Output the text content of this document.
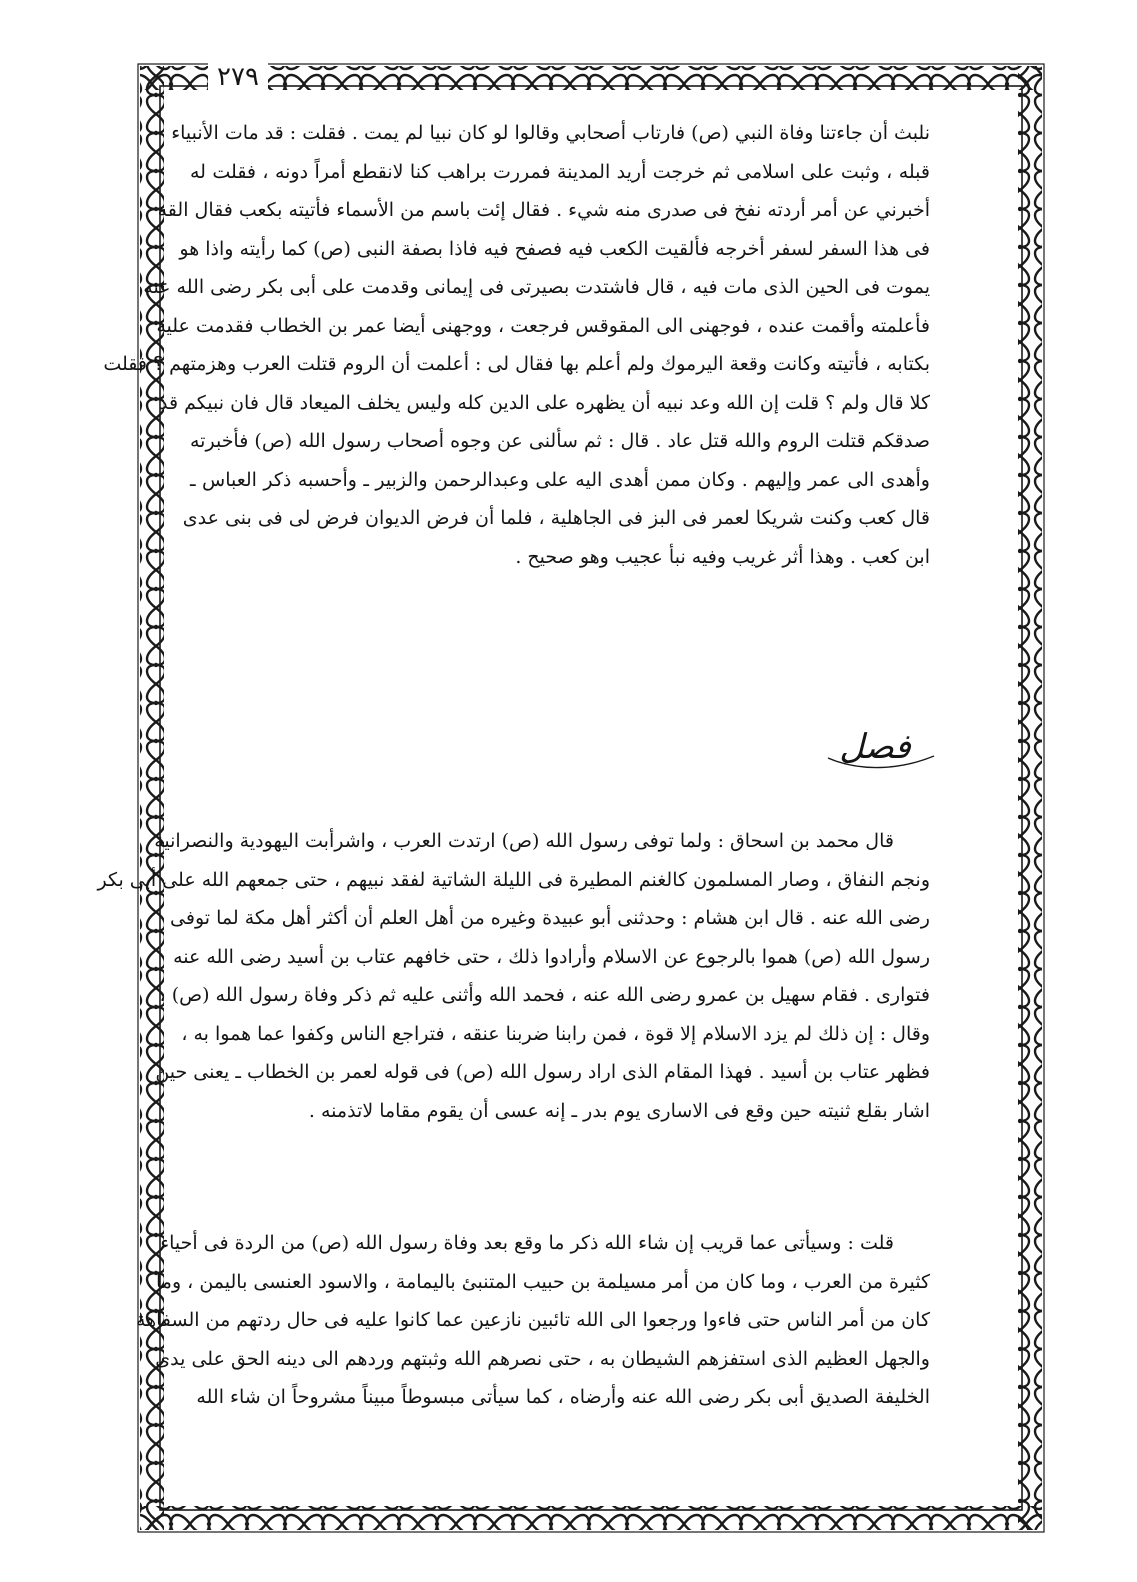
٢٧٩
نلبث أن جاءتنا وفاة النبي (ص) فارتاب أصحابي وقالوا لو كان نبيا لم يمت . فقلت : قد مات الأنبياء
قبله ، وثبت على اسلامى ثم خرجت أريد المدينة فمررت براهب كنا لانقطع أمراً دونه ، فقلت له
أخبرني عن أمر أردته نفخ فى صدرى منه شيء . فقال إئت باسم من الأسماء فأتيته بكعب فقال القه
فى هذا السفر لسفر أخرجه فألقيت الكعب فيه فصفح فيه فاذا بصفة النبى (ص) كما رأيته واذا هو
يموت فى الحين الذى مات فيه ، قال فاشتدت بصيرتى فى إيمانى وقدمت على أبى بكر رضى الله عنه
فأعلمته وأقمت عنده ، فوجهنى الى المقوقس فرجعت ، ووجهنى أيضا عمر بن الخطاب فقدمت عليه
بكتابه ، فأتيته وكانت وقعة اليرموك ولم أعلم بها فقال لى : أعلمت أن الروم قتلت العرب وهزمتهم ؟ فقلت
كلا قال ولم ؟ قلت إن الله وعد نبيه أن يظهره على الدين كله وليس يخلف الميعاد قال فان نبيكم قد
صدقكم قتلت الروم والله قتل عاد . قال : ثم سألنى عن وجوه أصحاب رسول الله (ص) فأخبرته
وأهدى الى عمر وإليهم . وكان ممن أهدى اليه على وعبدالرحمن والزبير ـ وأحسبه ذكر العباس ـ
قال كعب وكنت شريكا لعمر فى البز فى الجاهلية ، فلما أن فرض الديوان فرض لى فى بنى عدى
ابن كعب . وهذا أثر غريب وفيه نبأ عجيب وهو صحيح .
فصل
قال محمد بن اسحاق : ولما توفى رسول الله (ص) ارتدت العرب ، واشرأبت اليهودية والنصرانية
ونجم النفاق ، وصار المسلمون كالغنم المطيرة فى الليلة الشاتية لفقد نبيهم ، حتى جمعهم الله على أبى بكر
رضى الله عنه . قال ابن هشام : وحدثنى أبو عبيدة وغيره من أهل العلم أن أكثر أهل مكة لما توفى
رسول الله (ص) هموا بالرجوع عن الاسلام وأرادوا ذلك ، حتى خافهم عتاب بن أسيد رضى الله عنه
فتوارى . فقام سهيل بن عمرو رضى الله عنه ، فحمد الله وأثنى عليه ثم ذكر وفاة رسول الله (ص) ،
وقال : إن ذلك لم يزد الاسلام إلا قوة ، فمن رابنا ضربنا عنقه ، فتراجع الناس وكفوا عما هموا به ،
فظهر عتاب بن أسيد . فهذا المقام الذى اراد رسول الله (ص) فى قوله لعمر بن الخطاب ـ يعنى حين
اشار بقلع ثنيته حين وقع فى الاسارى يوم بدر ـ إنه عسى أن يقوم مقاما لاتذمنه .
قلت : وسيأتى عما قريب إن شاء الله ذكر ما وقع بعد وفاة رسول الله (ص) من الردة فى أحياء
كثيرة من العرب ، وما كان من أمر مسيلمة بن حبيب المتنبئ باليمامة ، والاسود العنسى باليمن ، وما
كان من أمر الناس حتى فاءوا ورجعوا الى الله تائبين نازعين عما كانوا عليه فى حال ردتهم من السفاهة
والجهل العظيم الذى استفزهم الشيطان به ، حتى نصرهم الله وثبتهم وردهم الى دينه الحق على يدى
الخليفة الصديق أبى بكر رضى الله عنه وأرضاه ، كما سيأتى مبسوطاً مبيناً مشروحاً ان شاء الله
